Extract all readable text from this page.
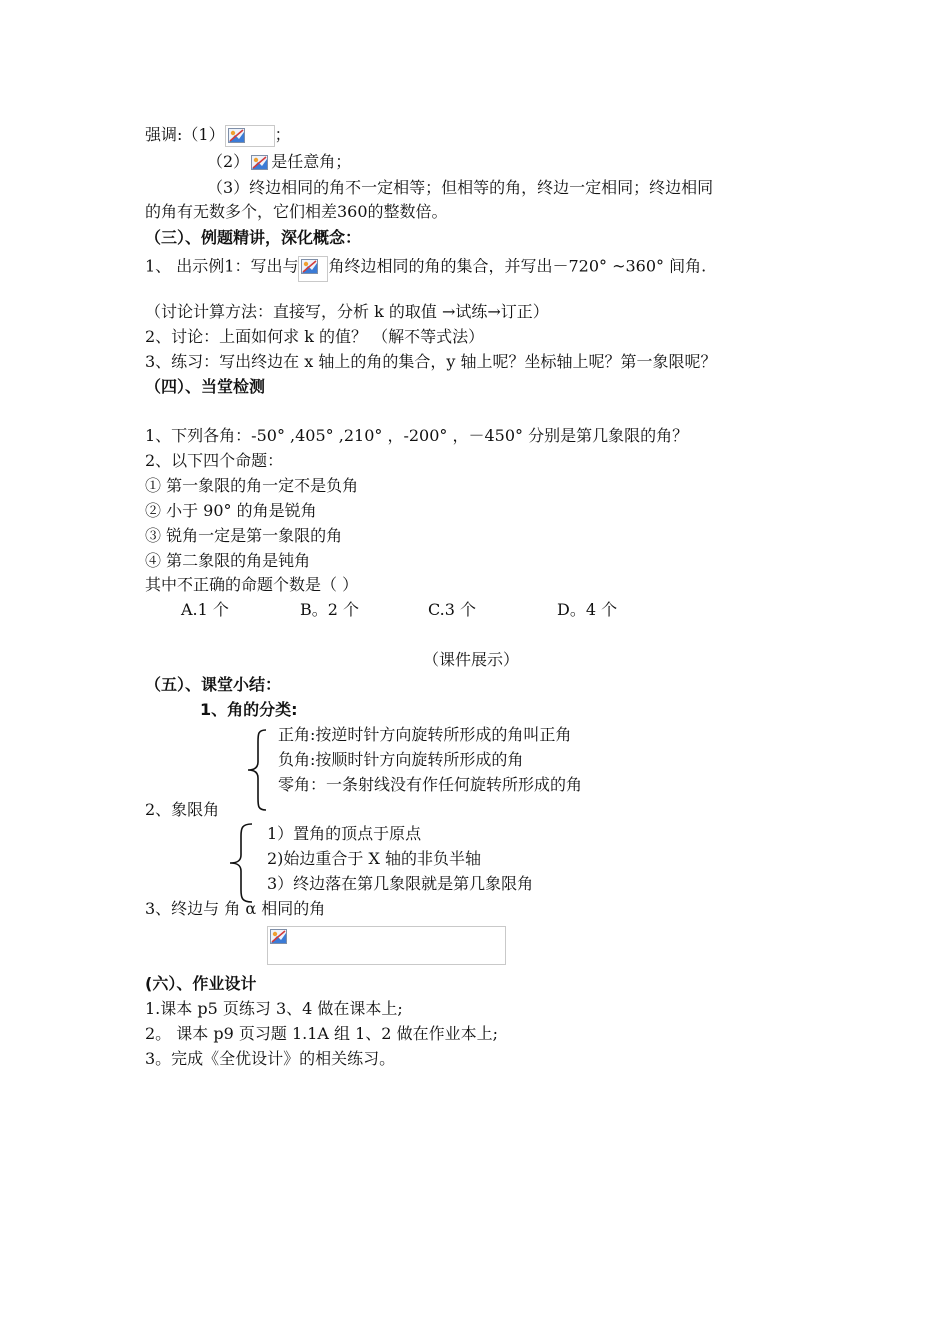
强调:（1）	；
（2） 是任意角；
（3）终边相同的角不一定相等；但相等的角，终边一定相同；终边相同
的角有无数多个，它们相差360的整数倍。
（三）、例题精讲，深化概念：
1、 出示例1：写出与 角终边相同的角的集合，并写出－720° ~360° 间角.
（讨论计算方法：直接写，分析 k 的取值 →试练→订正）
2、讨论：上面如何求 k 的值？ （解不等式法）
3、练习：写出终边在 x 轴上的角的集合，y 轴上呢？坐标轴上呢？第一象限呢？
（四）、当堂检测
1、下列各角：-50° ,405° ,210° ，-200° ，－450° 分别是第几象限的角？
2、以下四个命题：
① 第一象限的角一定不是负角
② 小于 90° 的角是锐角
③ 锐角一定是第一象限的角
④ 第二象限的角是钝角
其中不正确的命题个数是（ ）
A.1 个	B。2 个	C.3 个	D。4 个
（课件展示）
（五）、课堂小结：
1、角的分类:
正角:按逆时针方向旋转所形成的角叫正角
负角:按顺时针方向旋转所形成的角
零角：一条射线没有作任何旋转所形成的角
2、象限角
1）置角的顶点于原点
2)始边重合于 X 轴的非负半轴
3）终边落在第几象限就是第几象限角
3、终边与 角 α 相同的角
(六）、作业设计
1.课本 p5 页练习 3、4 做在课本上;
2。 课本 p9 页习题 1.1A 组 1、2 做在作业本上;
3。完成《全优设计》的相关练习。
